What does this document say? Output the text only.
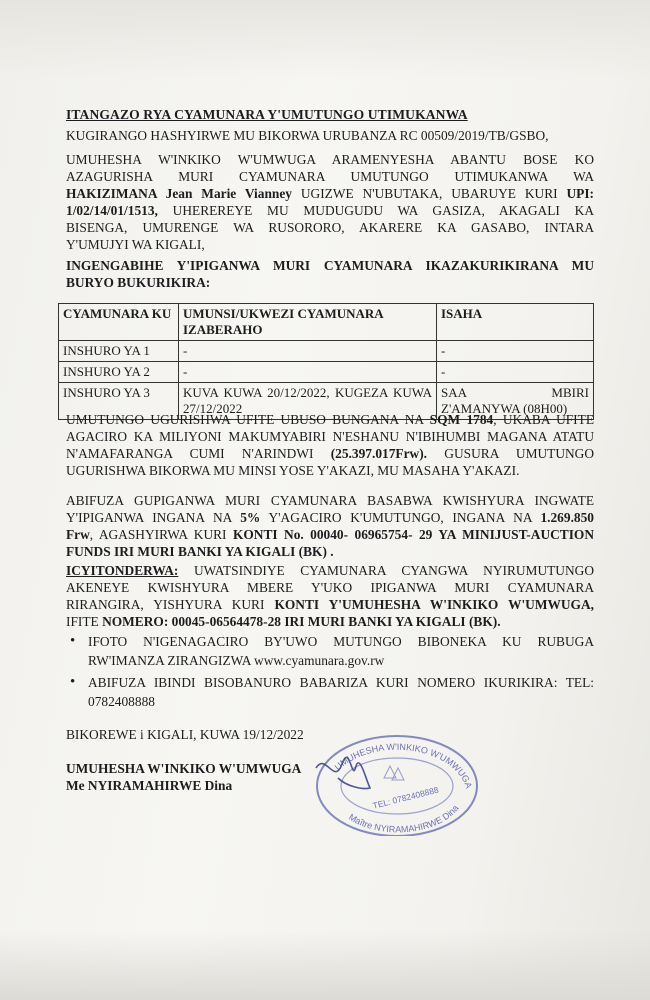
ITANGAZO RYA CYAMUNARA Y'UMUTUNGO UTIMUKANWA
KUGIRANGO HASHYIRWE MU BIKORWA URUBANZA RC 00509/2019/TB/GSBO,
UMUHESHA W'INKIKO W'UMWUGA ARAMENYESHA ABANTU BOSE KO
AZAGURISHA MURI CYAMUNARA UMUTUNGO UTIMUKANWA WA
HAKIZIMANA Jean Marie Vianney UGIZWE N'UBUTAKA, UBARUYE KURI UPI:
1/02/14/01/1513, UHEREREYE MU MUDUGUDU WA GASIZA, AKAGALI KA
BISENGA, UMURENGE WA RUSORORO, AKARERE KA GASABO, INTARA
Y'UMUJYI WA KIGALI,
INGENGABIHE Y'IPIGANWA MURI CYAMUNARA IKAZAKURIKIRANA MU
BURYO BUKURIKIRA:
CYAMUNARA KU	UMUNSI/UKWEZI CYAMUNARA IZABERAHO	ISAHA
INSHURO YA 1	-	-
INSHURO YA 2	-	-
INSHURO YA 3	KUVA KUWA 20/12/2022, KUGEZA KUWA 27/12/2022	SAA MBIRI Z'AMANYWA (08H00)
UMUTUNGO UGURISHWA UFITE UBUSO BUNGANA NA SQM 1784, UKABA UFITE
AGACIRO KA MILIYONI MAKUMYABIRI N'ESHANU N'IBIHUMBI MAGANA ATATU
N'AMAFARANGA CUMI N'ARINDWI (25.397.017Frw). GUSURA UMUTUNGO
UGURISHWA BIKORWA MU MINSI YOSE Y'AKAZI, MU MASAHA Y'AKAZI.
ABIFUZA GUPIGANWA MURI CYAMUNARA BASABWA KWISHYURA INGWATE
Y'IPIGANWA INGANA NA 5% Y'AGACIRO K'UMUTUNGO, INGANA NA 1.269.850
Frw, AGASHYIRWA KURI KONTI No. 00040- 06965754- 29 YA MINIJUST-AUCTION
FUNDS IRI MURI BANKI YA KIGALI (BK) .
ICYITONDERWA: UWATSINDIYE CYAMUNARA CYANGWA NYIRUMUTUNGO
AKENEYE KWISHYURA MBERE Y'UKO IPIGANWA MURI CYAMUNARA
RIRANGIRA, YISHYURA KURI KONTI Y'UMUHESHA W'INKIKO W'UMWUGA,
IFITE NOMERO: 00045-06564478-28 IRI MURI BANKI YA KIGALI (BK).
• IFOTO N'IGENAGACIRO BY'UWO MUTUNGO BIBONEKA KU RUBUGA
RW'IMANZA ZIRANGIZWA www.cyamunara.gov.rw
• ABIFUZA IBINDI BISOBANURO BABARIZA KURI NOMERO IKURIKIRA: TEL:
0782408888
BIKOREWE i KIGALI, KUWA 19/12/2022
UMUHESHA W'INKIKO W'UMWUGA
Me NYIRAMAHIRWE Dina
UMUHESHA W'INKIKO W'UMWUGA
Maître NYIRAMAHIRWE Dina
TEL: 0782408888
